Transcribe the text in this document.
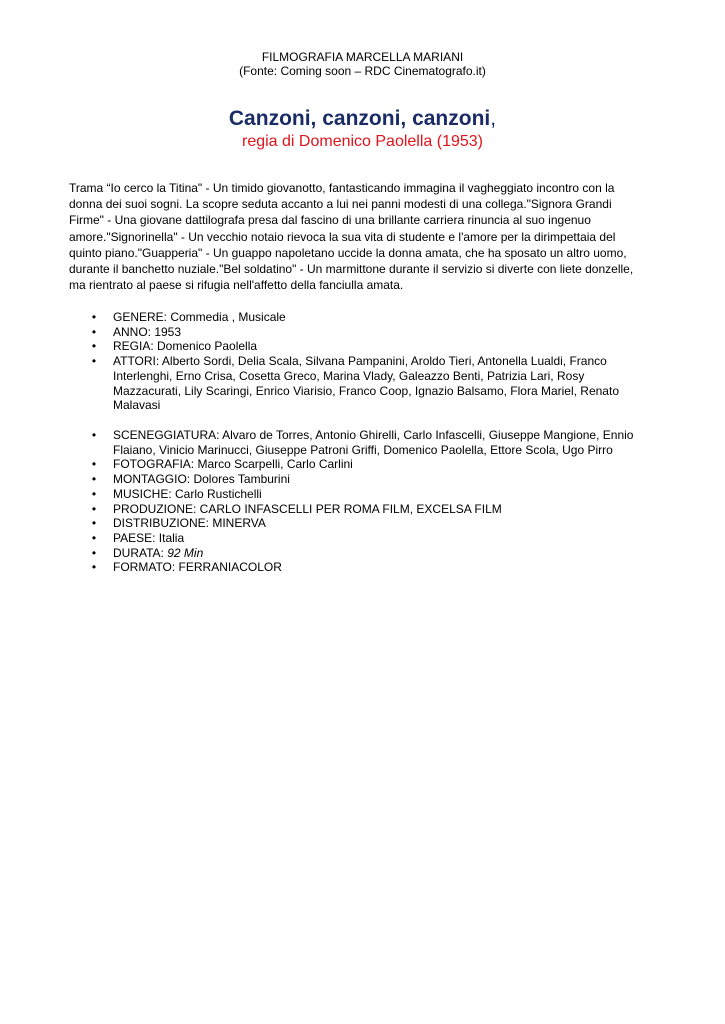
FILMOGRAFIA MARCELLA MARIANI
(Fonte: Coming soon – RDC Cinematografo.it)
Canzoni, canzoni, canzoni,
regia di Domenico Paolella (1953)
Trama “Io cerco la Titina" - Un timido giovanotto, fantasticando immagina il vagheggiato incontro con la
donna dei suoi sogni. La scopre seduta accanto a lui nei panni modesti di una collega."Signora Grandi
Firme" - Una giovane dattilografa presa dal fascino di una brillante carriera rinuncia al suo ingenuo
amore."Signorinella" - Un vecchio notaio rievoca la sua vita di studente e l'amore per la dirimpettaia del
quinto piano."Guapperia" - Un guappo napoletano uccide la donna amata, che ha sposato un altro uomo,
durante il banchetto nuziale."Bel soldatino" - Un marmittone durante il servizio si diverte con liete donzelle,
ma rientrato al paese si rifugia nell'affetto della fanciulla amata.
• GENERE: Commedia , Musicale
• ANNO: 1953
• REGIA: Domenico Paolella
• ATTORI: Alberto Sordi, Delia Scala, Silvana Pampanini, Aroldo Tieri, Antonella Lualdi, Franco
Interlenghi, Erno Crisa, Cosetta Greco, Marina Vlady, Galeazzo Benti, Patrizia Lari, Rosy
Mazzacurati, Lily Scaringi, Enrico Viarisio, Franco Coop, Ignazio Balsamo, Flora Mariel, Renato
Malavasi
• SCENEGGIATURA: Alvaro de Torres, Antonio Ghirelli, Carlo Infascelli, Giuseppe Mangione, Ennio
Flaiano, Vinicio Marinucci, Giuseppe Patroni Griffi, Domenico Paolella, Ettore Scola, Ugo Pirro
• FOTOGRAFIA: Marco Scarpelli, Carlo Carlini
• MONTAGGIO: Dolores Tamburini
• MUSICHE: Carlo Rustichelli
• PRODUZIONE: CARLO INFASCELLI PER ROMA FILM, EXCELSA FILM
• DISTRIBUZIONE: MINERVA
• PAESE: Italia
• DURATA: 92 Min
• FORMATO: FERRANIACOLOR
